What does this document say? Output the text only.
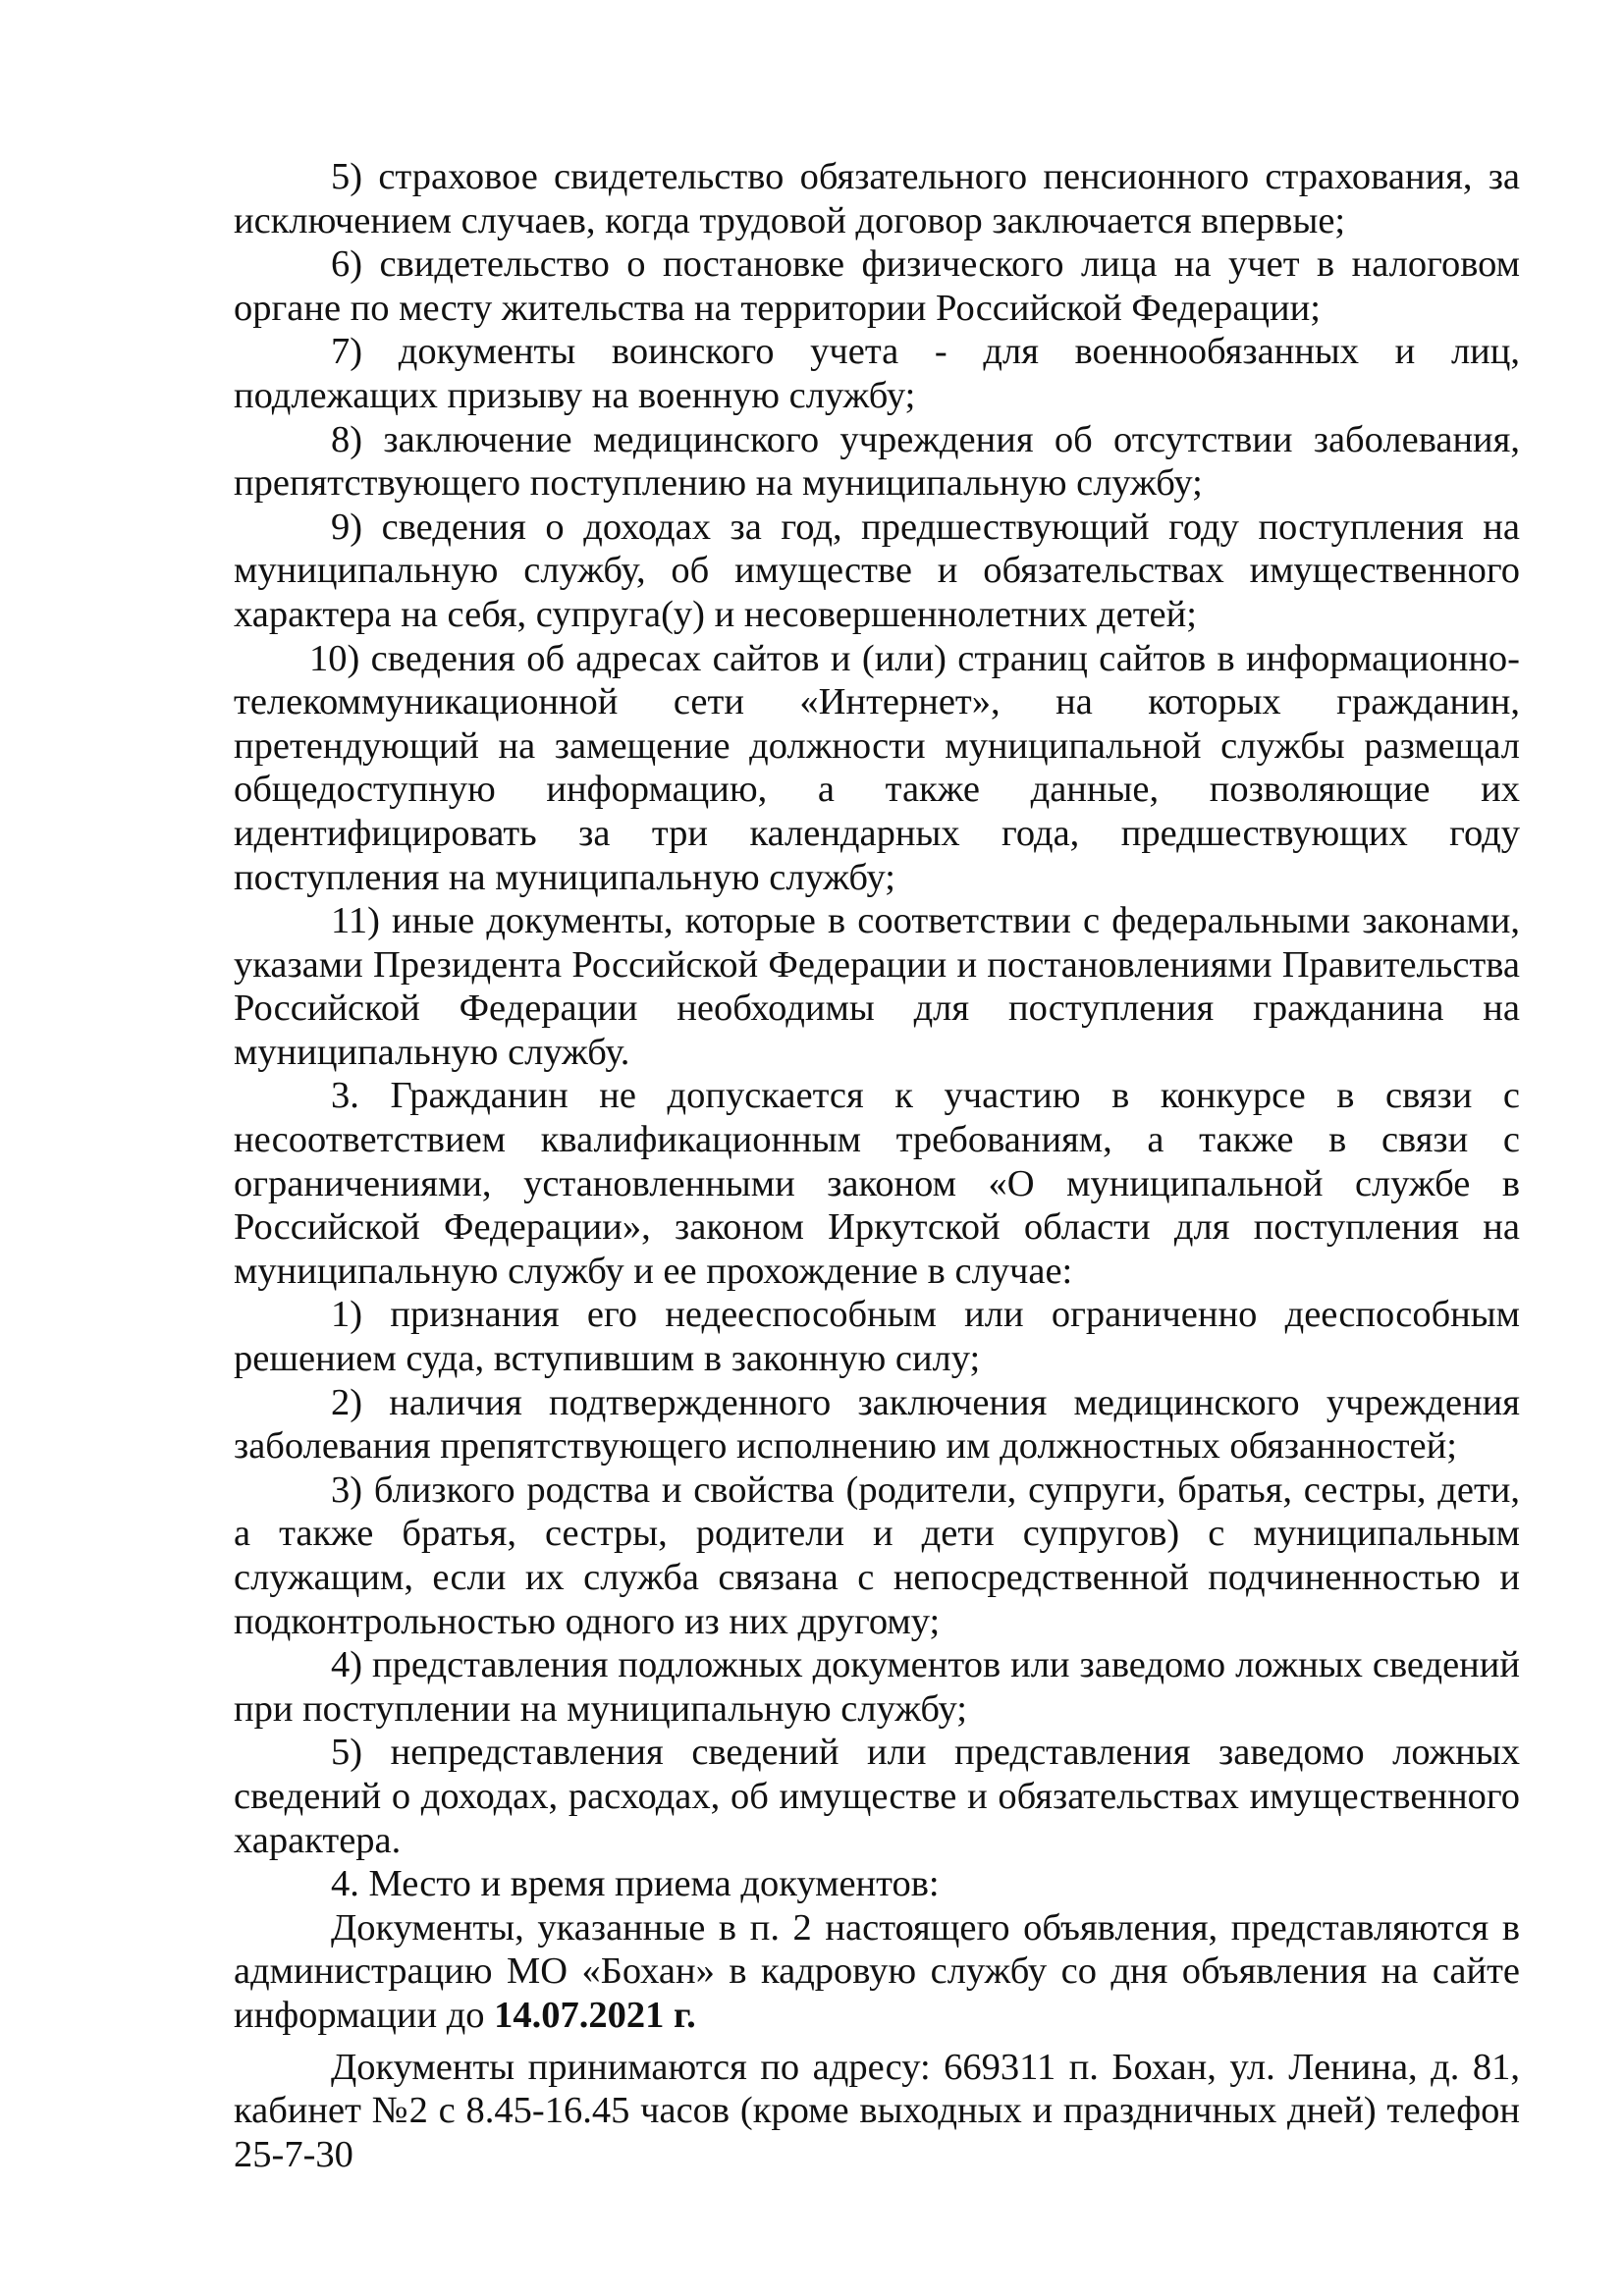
5) страховое свидетельство обязательного пенсионного страхования, за исключением случаев, когда трудовой договор заключается впервые;

6) свидетельство о постановке физического лица на учет в налоговом органе по месту жительства на территории Российской Федерации;

7) документы воинского учета - для военнообязанных и лиц, подлежащих призыву на военную службу;

8) заключение медицинского учреждения об отсутствии заболевания, препятствующего поступлению на муниципальную службу;

9) сведения о доходах за год, предшествующий году поступления на муниципальную службу, об имуществе и обязательствах имущественного характера на себя, супруга(у) и несовершеннолетних детей;

10) сведения об адресах сайтов и (или) страниц сайтов в информационно-телекоммуникационной сети «Интернет», на которых гражданин, претендующий на замещение должности муниципальной службы размещал общедоступную информацию, а также данные, позволяющие их идентифицировать за три календарных года, предшествующих году поступления на муниципальную службу;

11) иные документы, которые в соответствии с федеральными законами, указами Президента Российской Федерации и постановлениями Правительства Российской Федерации необходимы для поступления гражданина на муниципальную службу.

3. Гражданин не допускается к участию в конкурсе в связи с несоответствием квалификационным требованиям, а также в связи с ограничениями, установленными законом «О муниципальной службе в Российской Федерации», законом Иркутской области для поступления на муниципальную службу и ее прохождение в случае:

1) признания его недееспособным или ограниченно дееспособным решением суда, вступившим в законную силу;

2) наличия подтвержденного заключения медицинского учреждения заболевания препятствующего исполнению им должностных обязанностей;

3) близкого родства и свойства (родители, супруги, братья, сестры, дети, а также братья, сестры, родители и дети супругов) с муниципальным служащим, если их служба связана с непосредственной подчиненностью и подконтрольностью одного из них другому;

4) представления подложных документов или заведомо ложных сведений при поступлении на муниципальную службу;

5) непредставления сведений или представления заведомо ложных сведений о доходах, расходах, об имуществе и обязательствах имущественного характера.

4. Место и время приема документов:

Документы, указанные в п. 2 настоящего объявления, представляются в администрацию МО «Бохан» в кадровую службу со дня объявления на сайте информации до 14.07.2021 г.

Документы принимаются по адресу: 669311 п. Бохан, ул. Ленина, д. 81, кабинет №2 с 8.45-16.45 часов (кроме выходных и праздничных дней) телефон 25-7-30
